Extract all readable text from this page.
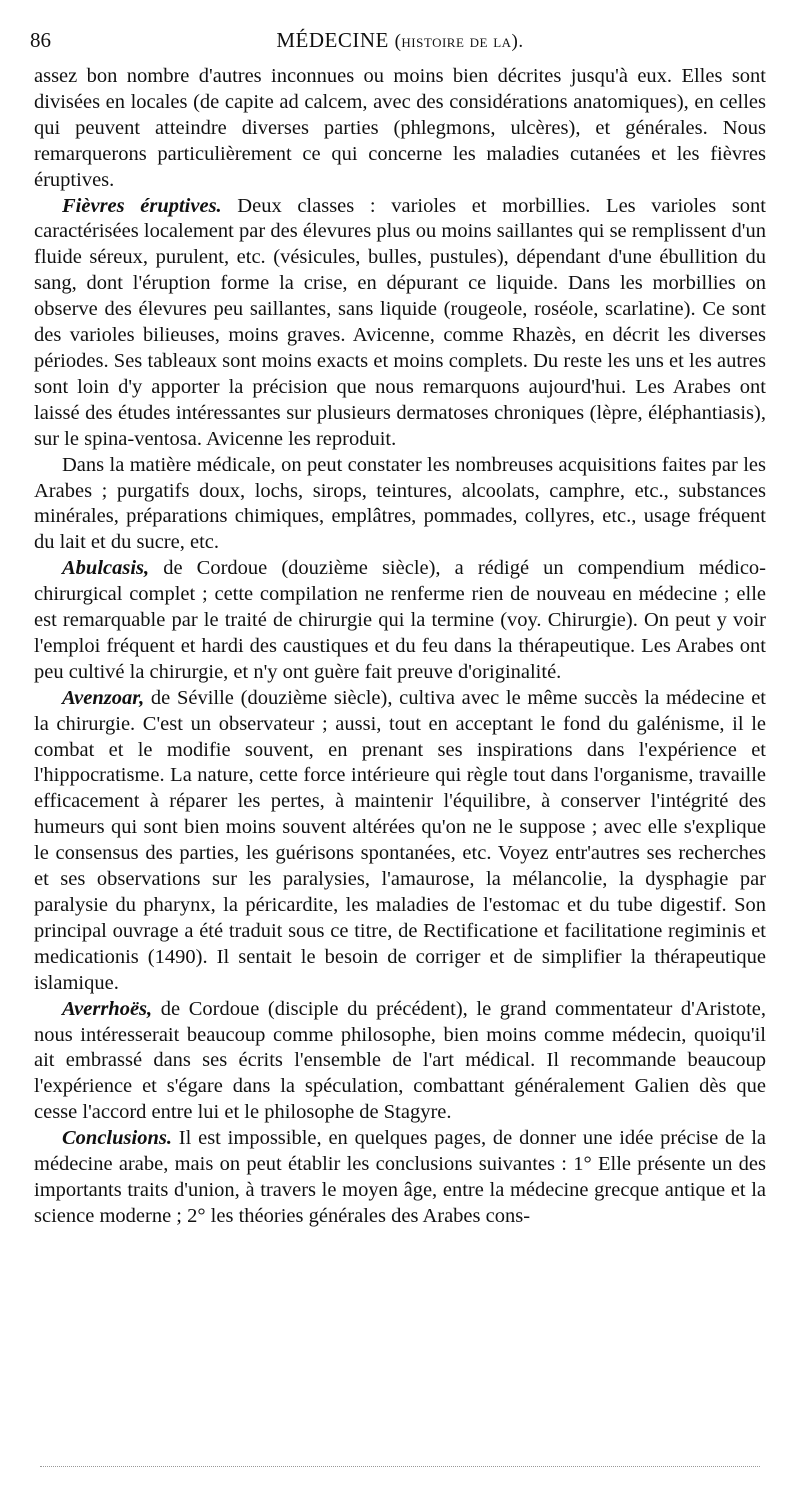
86	MÉDECINE (histoire de la).

assez bon nombre d'autres inconnues ou moins bien décrites jusqu'à eux. Elles sont divisées en locales (de capite ad calcem, avec des considérations anatomiques), en celles qui peuvent atteindre diverses parties (phlegmons, ulcères), et générales. Nous remarquerons particulièrement ce qui concerne les maladies cutanées et les fièvres éruptives.

Fièvres éruptives. Deux classes : varioles et morbillies. Les varioles sont caractérisées localement par des élevures plus ou moins saillantes qui se remplissent d'un fluide séreux, purulent, etc. (vésicules, bulles, pustules), dépendant d'une ébullition du sang, dont l'éruption forme la crise, en dépurant ce liquide. Dans les morbillies on observe des élevures peu saillantes, sans liquide (rougeole, roséole, scarlatine). Ce sont des varioles bilieuses, moins graves. Avicenne, comme Rhazès, en décrit les diverses périodes. Ses tableaux sont moins exacts et moins complets. Du reste les uns et les autres sont loin d'y apporter la précision que nous remarquons aujourd'hui. Les Arabes ont laissé des études intéressantes sur plusieurs dermatoses chroniques (lèpre, éléphantiasis), sur le spina-ventosa. Avicenne les reproduit.

Dans la matière médicale, on peut constater les nombreuses acquisitions faites par les Arabes ; purgatifs doux, lochs, sirops, teintures, alcoolats, camphre, etc., substances minérales, préparations chimiques, emplâtres, pommades, collyres, etc., usage fréquent du lait et du sucre, etc.

Abulcasis, de Cordoue (douzième siècle), a rédigé un compendium médico-chirurgical complet ; cette compilation ne renferme rien de nouveau en médecine ; elle est remarquable par le traité de chirurgie qui la termine (voy. Chirurgie). On peut y voir l'emploi fréquent et hardi des caustiques et du feu dans la thérapeutique. Les Arabes ont peu cultivé la chirurgie, et n'y ont guère fait preuve d'originalité.

Avenzoar, de Séville (douzième siècle), cultiva avec le même succès la médecine et la chirurgie. C'est un observateur ; aussi, tout en acceptant le fond du galénisme, il le combat et le modifie souvent, en prenant ses inspirations dans l'expérience et l'hippocratisme. La nature, cette force intérieure qui règle tout dans l'organisme, travaille efficacement à réparer les pertes, à maintenir l'équilibre, à conserver l'intégrité des humeurs qui sont bien moins souvent altérées qu'on ne le suppose ; avec elle s'explique le consensus des parties, les guérisons spontanées, etc. Voyez entr'autres ses recherches et ses observations sur les paralysies, l'amaurose, la mélancolie, la dysphagie par paralysie du pharynx, la péricardite, les maladies de l'estomac et du tube digestif. Son principal ouvrage a été traduit sous ce titre, de Rectificatione et facilitatione regiminis et medicationis (1490). Il sentait le besoin de corriger et de simplifier la thérapeutique islamique.

Averrhoës, de Cordoue (disciple du précédent), le grand commentateur d'Aristote, nous intéresserait beaucoup comme philosophe, bien moins comme médecin, quoiqu'il ait embrassé dans ses écrits l'ensemble de l'art médical. Il recommande beaucoup l'expérience et s'égare dans la spéculation, combattant généralement Galien dès que cesse l'accord entre lui et le philosophe de Stagyre.

Conclusions. Il est impossible, en quelques pages, de donner une idée précise de la médecine arabe, mais on peut établir les conclusions suivantes : 1° Elle présente un des importants traits d'union, à travers le moyen âge, entre la médecine grecque antique et la science moderne ; 2° les théories générales des Arabes cons-
